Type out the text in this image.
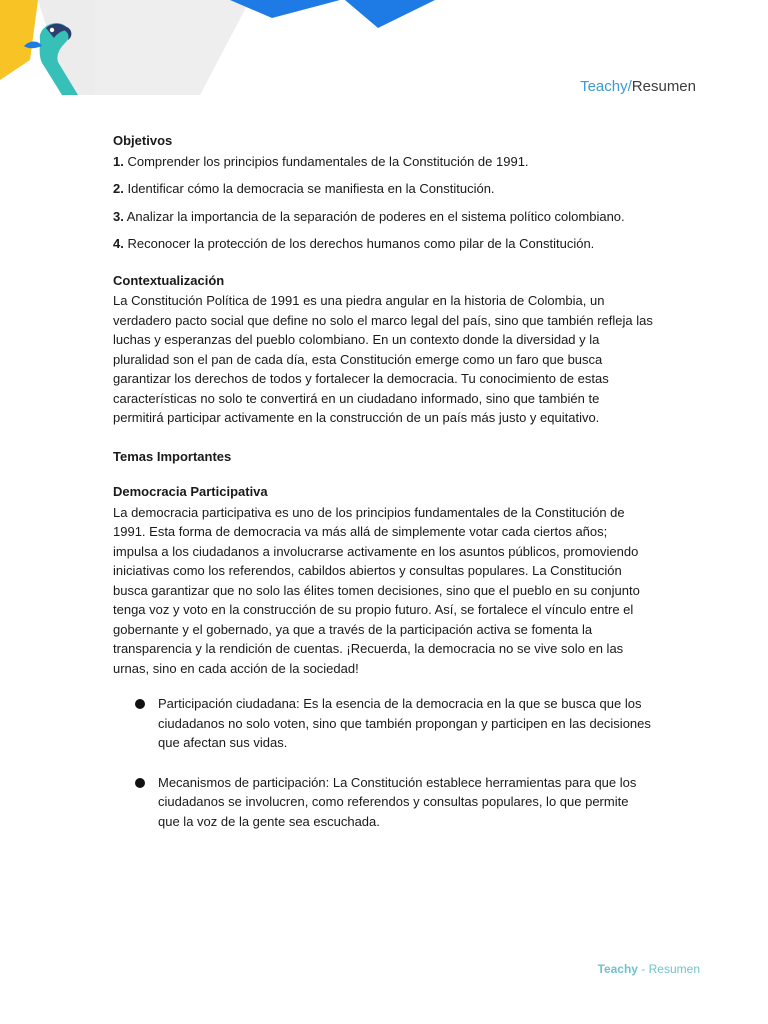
Teachy/Resumen

Objetivos

1. Comprender los principios fundamentales de la Constitución de 1991.

2. Identificar cómo la democracia se manifiesta en la Constitución.

3. Analizar la importancia de la separación de poderes en el sistema político colombiano.

4. Reconocer la protección de los derechos humanos como pilar de la Constitución.

Contextualización

La Constitución Política de 1991 es una piedra angular en la historia de Colombia, un verdadero pacto social que define no solo el marco legal del país, sino que también refleja las luchas y esperanzas del pueblo colombiano. En un contexto donde la diversidad y la pluralidad son el pan de cada día, esta Constitución emerge como un faro que busca garantizar los derechos de todos y fortalecer la democracia. Tu conocimiento de estas características no solo te convertirá en un ciudadano informado, sino que también te permitirá participar activamente en la construcción de un país más justo y equitativo.

Temas Importantes

Democracia Participativa

La democracia participativa es uno de los principios fundamentales de la Constitución de 1991. Esta forma de democracia va más allá de simplemente votar cada ciertos años; impulsa a los ciudadanos a involucrarse activamente en los asuntos públicos, promoviendo iniciativas como los referendos, cabildos abiertos y consultas populares. La Constitución busca garantizar que no solo las élites tomen decisiones, sino que el pueblo en su conjunto tenga voz y voto en la construcción de su propio futuro. Así, se fortalece el vínculo entre el gobernante y el gobernado, ya que a través de la participación activa se fomenta la transparencia y la rendición de cuentas. ¡Recuerda, la democracia no se vive solo en las urnas, sino en cada acción de la sociedad!

Participación ciudadana: Es la esencia de la democracia en la que se busca que los ciudadanos no solo voten, sino que también propongan y participen en las decisiones que afectan sus vidas.

Mecanismos de participación: La Constitución establece herramientas para que los ciudadanos se involucren, como referendos y consultas populares, lo que permite que la voz de la gente sea escuchada.

Teachy - Resumen
